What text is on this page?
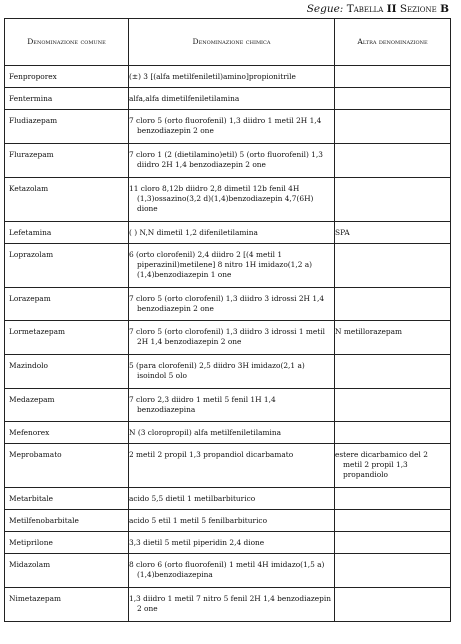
Segue: Tabella II Sezione B
Denominazione comune	Denominazione chimica	Altra denominazione

Fenproporex	(±) 3 [(alfa metilfeniletil)amino]propionitrile	

Fentermina	alfa,alfa dimetilfeniletilamina	

Fludiazepam	7 cloro 5 (orto fluorofenil) 1,3 diidro 1 metil 2H 1,4 benzodiazepin 2 one	

Flurazepam	7 cloro 1 (2 (dietilamino)etil) 5 (orto fluorofenil) 1,3 diidro 2H 1,4 benzodiazepin 2 one	

Ketazolam	11 cloro 8,12b diidro 2,8 dimetil 12b fenil 4H (1,3)ossazino(3,2 d)(1,4)benzodiazepin 4,7(6H) dione	

Lefetamina	( ) N,N dimetil 1,2 difeniletilamina	SPA

Loprazolam	6 (orto clorofenil) 2,4 diidro 2 [(4 metil 1 piperazinil)metilene] 8 nitro 1H imidazo(1,2 a)(1,4)benzodiazepin 1 one	

Lorazepam	7 cloro 5 (orto clorofenil) 1,3 diidro 3 idrossi 2H 1,4 benzodiazepin 2 one	

Lormetazepam	7 cloro 5 (orto clorofenil) 1,3 diidro 3 idrossi 1 metil 2H 1,4 benzodiazepin 2 one	N metillorazepam

Mazindolo	5 (para clorofenil) 2,5 diidro 3H imidazo(2,1 a) isoindol 5 olo	

Medazepam	7 cloro 2,3 diidro 1 metil 5 fenil 1H 1,4 benzodiazepina	

Mefenorex	N (3 cloropropil) alfa metilfeniletilamina	

Meprobamato	2 metil 2 propil 1,3 propandiol dicarbamato	estere dicarbamico del 2 metil 2 propil 1,3 propandiolo

Metarbitale	acido 5,5 dietil 1 metilbarbiturico	

Metilfenobarbitale	acido 5 etil 1 metil 5 fenilbarbiturico	

Metiprilone	3,3 dietil 5 metil piperidin 2,4 dione	

Midazolam	8 cloro 6 (orto fluorofenil) 1 metil 4H imidazo(1,5 a) (1,4)benzodiazepina	

Nimetazepam	1,3 diidro 1 metil 7 nitro 5 fenil 2H 1,4 benzodiazepin 2 one	
